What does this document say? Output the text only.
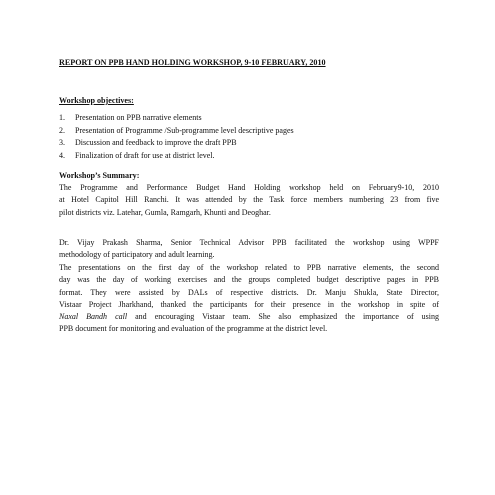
REPORT ON PPB HAND HOLDING WORKSHOP, 9-10 FEBRUARY, 2010
Workshop objectives:
1.	Presentation on PPB narrative elements
2.	Presentation of Programme /Sub-programme level descriptive pages
3.	Discussion and feedback to improve the draft PPB
4.	Finalization of draft for use at district level.
Workshop’s Summary:
The Programme and Performance Budget Hand Holding workshop held on February9-10, 2010
at Hotel Capitol Hill Ranchi. It was attended by the Task force members numbering 23 from five
pilot districts viz. Latehar, Gumla, Ramgarh, Khunti and Deoghar.
Dr. Vijay Prakash Sharma, Senior Technical Advisor PPB facilitated the workshop using WPPF
methodology of participatory and adult learning.
The presentations on the first day of the workshop related to PPB narrative elements, the second
day was the day of working exercises and the groups completed budget descriptive pages in PPB
format. They were assisted by DALs of respective districts. Dr. Manju Shukla, State Director,
Vistaar Project Jharkhand, thanked the participants for their presence in the workshop in spite of
Naxal Bandh call and encouraging Vistaar team. She also emphasized the importance of using
PPB document for monitoring and evaluation of the programme at the district level.
